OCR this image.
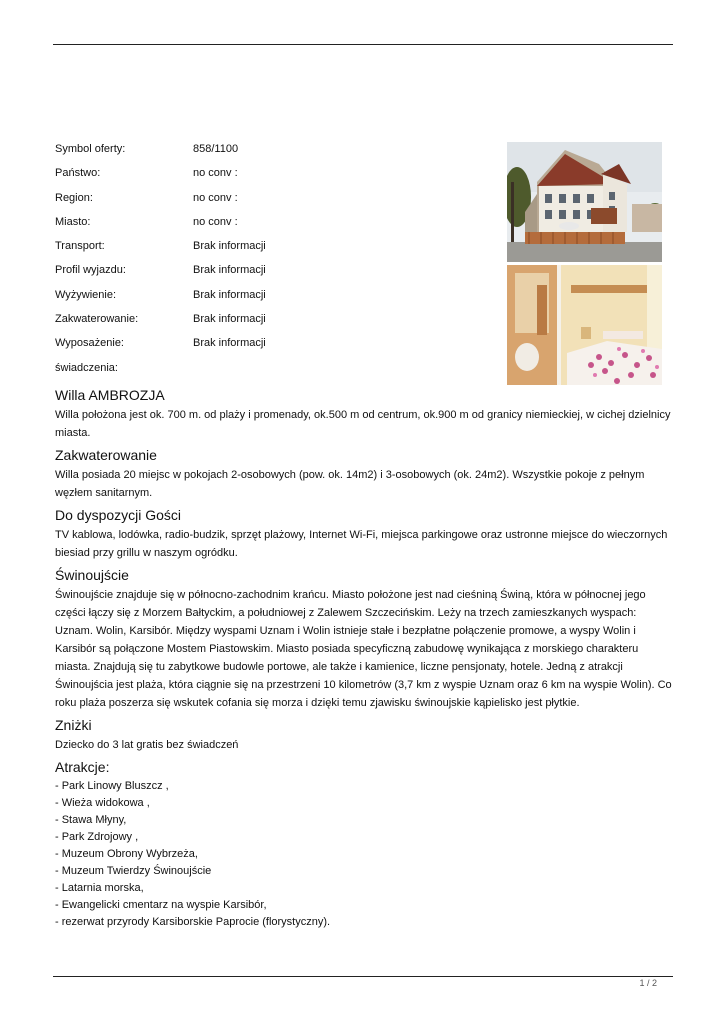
Symbol oferty:	858/1100
Państwo:	no conv :
Region:	no conv :
Miasto:	no conv :
Transport:	Brak informacji
Profil wyjazdu:	Brak informacji
Wyżywienie:	Brak informacji
Zakwaterowanie:	Brak informacji
Wyposażenie:	Brak informacji
świadczenia:
Willa AMBROZJA

Willa położona jest ok. 700 m. od plaży i promenady, ok.500 m od centrum, ok.900 m od granicy niemieckiej, w cichej dzielnicy miasta.

Zakwaterowanie

Willa posiada 20 miejsc w pokojach 2-osobowych (pow. ok. 14m2) i 3-osobowych (ok. 24m2). Wszystkie pokoje z pełnym węzłem sanitarnym.

Do dyspozycji Gości

TV kablowa, lodówka, radio-budzik, sprzęt plażowy, Internet Wi-Fi, miejsca parkingowe oraz ustronne miejsce do wieczornych biesiad przy grillu w naszym ogródku.

Świnoujście

Świnoujście znajduje się w północno-zachodnim krańcu. Miasto położone jest nad cieśniną Świną, która w północnej jego części łączy się z Morzem Bałtyckim, a południowej z Zalewem Szczecińskim. Leży na trzech zamieszkanych wyspach: Uznam. Wolin, Karsibór. Między wyspami Uznam i Wolin istnieje stałe i bezpłatne połączenie promowe, a wyspy Wolin i Karsibór są połączone Mostem Piastowskim. Miasto posiada specyficzną zabudowę wynikająca z morskiego charakteru miasta. Znajdują się tu zabytkowe budowle portowe, ale także i kamienice, liczne pensjonaty, hotele. Jedną z atrakcji Świnoujścia jest plaża, która ciągnie się na przestrzeni 10 kilometrów (3,7 km z wyspie Uznam oraz 6 km na wyspie Wolin). Co roku plaża poszerza się wskutek cofania się morza i dzięki temu zjawisku świnoujskie kąpielisko jest płytkie.

Zniżki

Dziecko do 3 lat gratis bez świadczeń

Atrakcje:
- Park Linowy Bluszcz ,
- Wieża widokowa ,
- Stawa Młyny,
- Park Zdrojowy ,
- Muzeum Obrony Wybrzeża,
- Muzeum Twierdzy Świnoujście
- Latarnia morska,
- Ewangelicki cmentarz na wyspie Karsibór,
- rezerwat przyrody Karsiborskie Paprocie (florystyczny).
1 / 2
